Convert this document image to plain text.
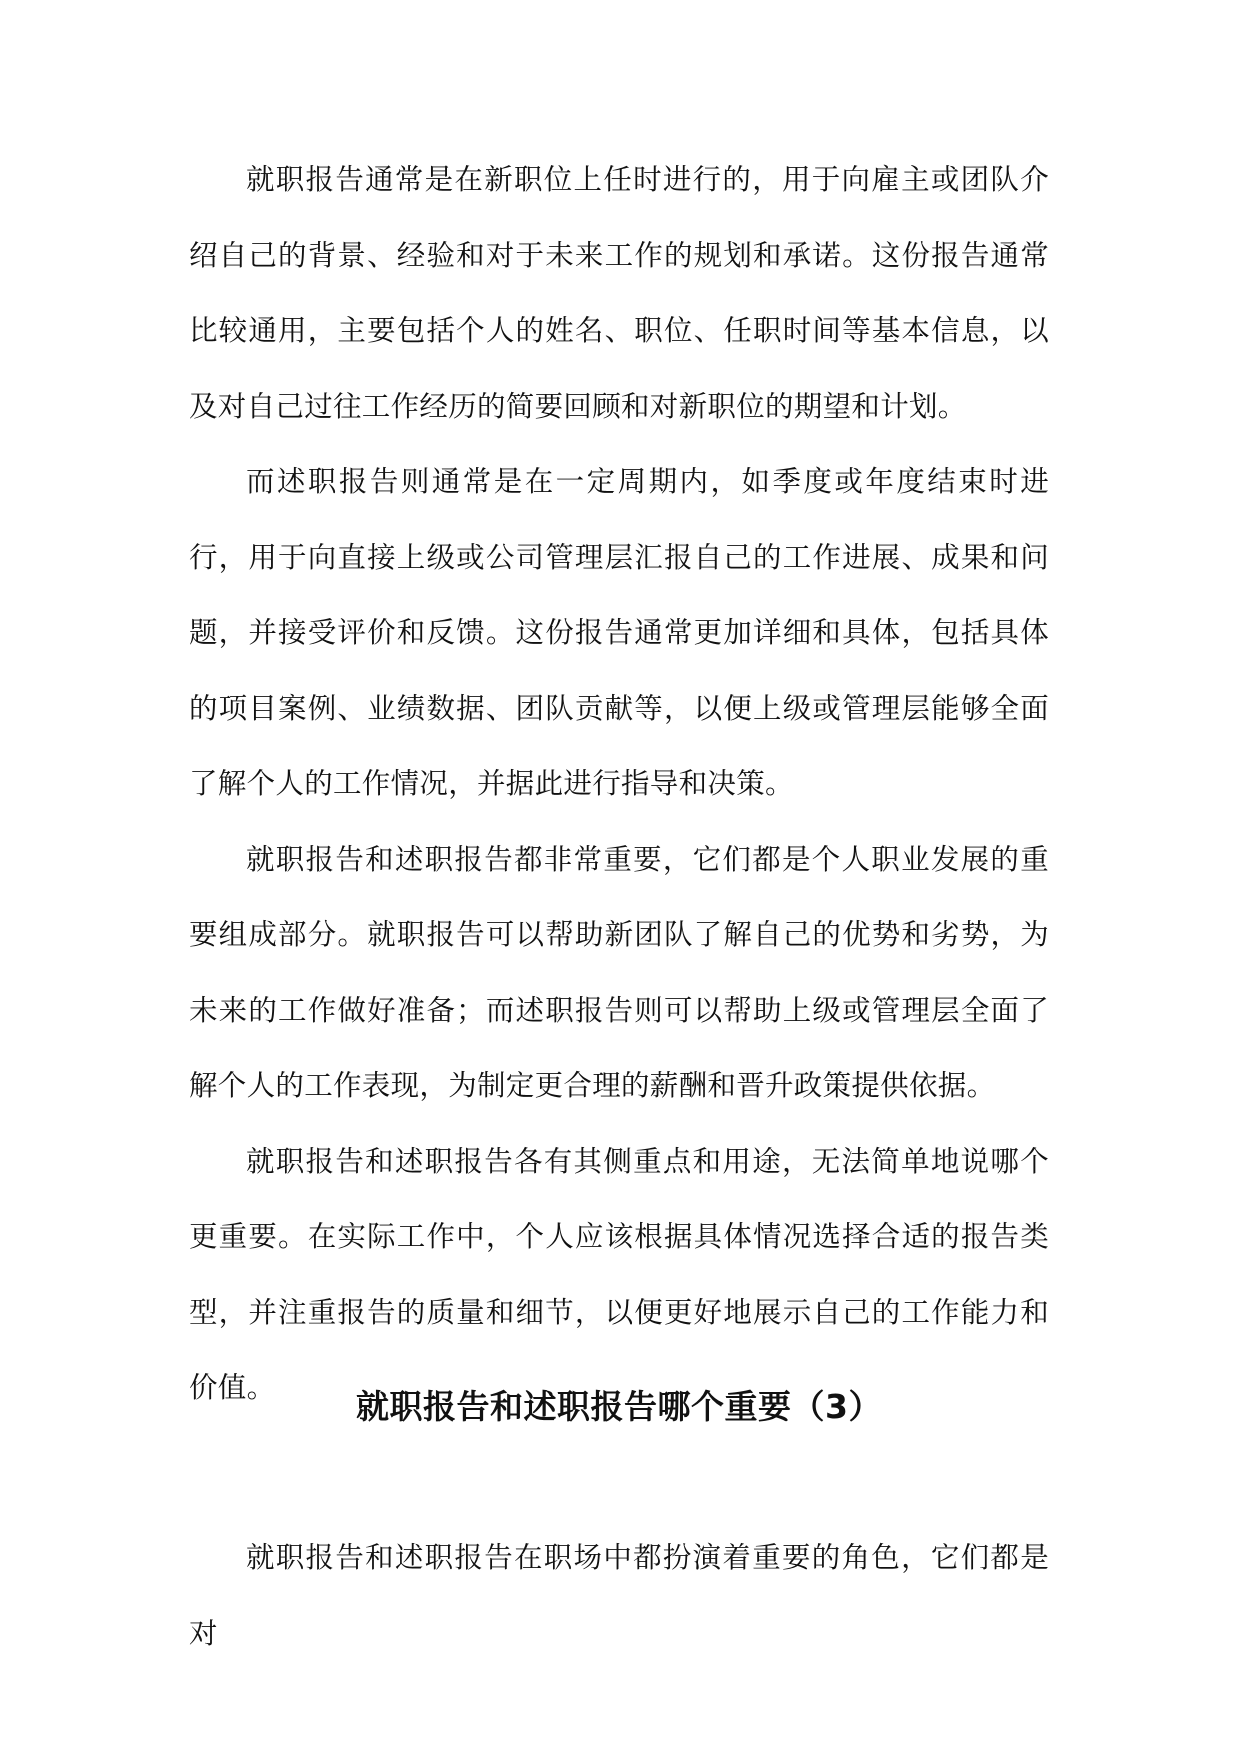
就职报告通常是在新职位上任时进行的，用于向雇主或团队介绍自己的背景、经验和对于未来工作的规划和承诺。这份报告通常比较通用，主要包括个人的姓名、职位、任职时间等基本信息，以及对自己过往工作经历的简要回顾和对新职位的期望和计划。

而述职报告则通常是在一定周期内，如季度或年度结束时进行，用于向直接上级或公司管理层汇报自己的工作进展、成果和问题，并接受评价和反馈。这份报告通常更加详细和具体，包括具体的项目案例、业绩数据、团队贡献等，以便上级或管理层能够全面了解个人的工作情况，并据此进行指导和决策。

就职报告和述职报告都非常重要，它们都是个人职业发展的重要组成部分。就职报告可以帮助新团队了解自己的优势和劣势，为未来的工作做好准备；而述职报告则可以帮助上级或管理层全面了解个人的工作表现，为制定更合理的薪酬和晋升政策提供依据。

就职报告和述职报告各有其侧重点和用途，无法简单地说哪个更重要。在实际工作中，个人应该根据具体情况选择合适的报告类型，并注重报告的质量和细节，以便更好地展示自己的工作能力和价值。	就职报告和述职报告哪个重要（3）

就职报告和述职报告在职场中都扮演着重要的角色，它们都是对
